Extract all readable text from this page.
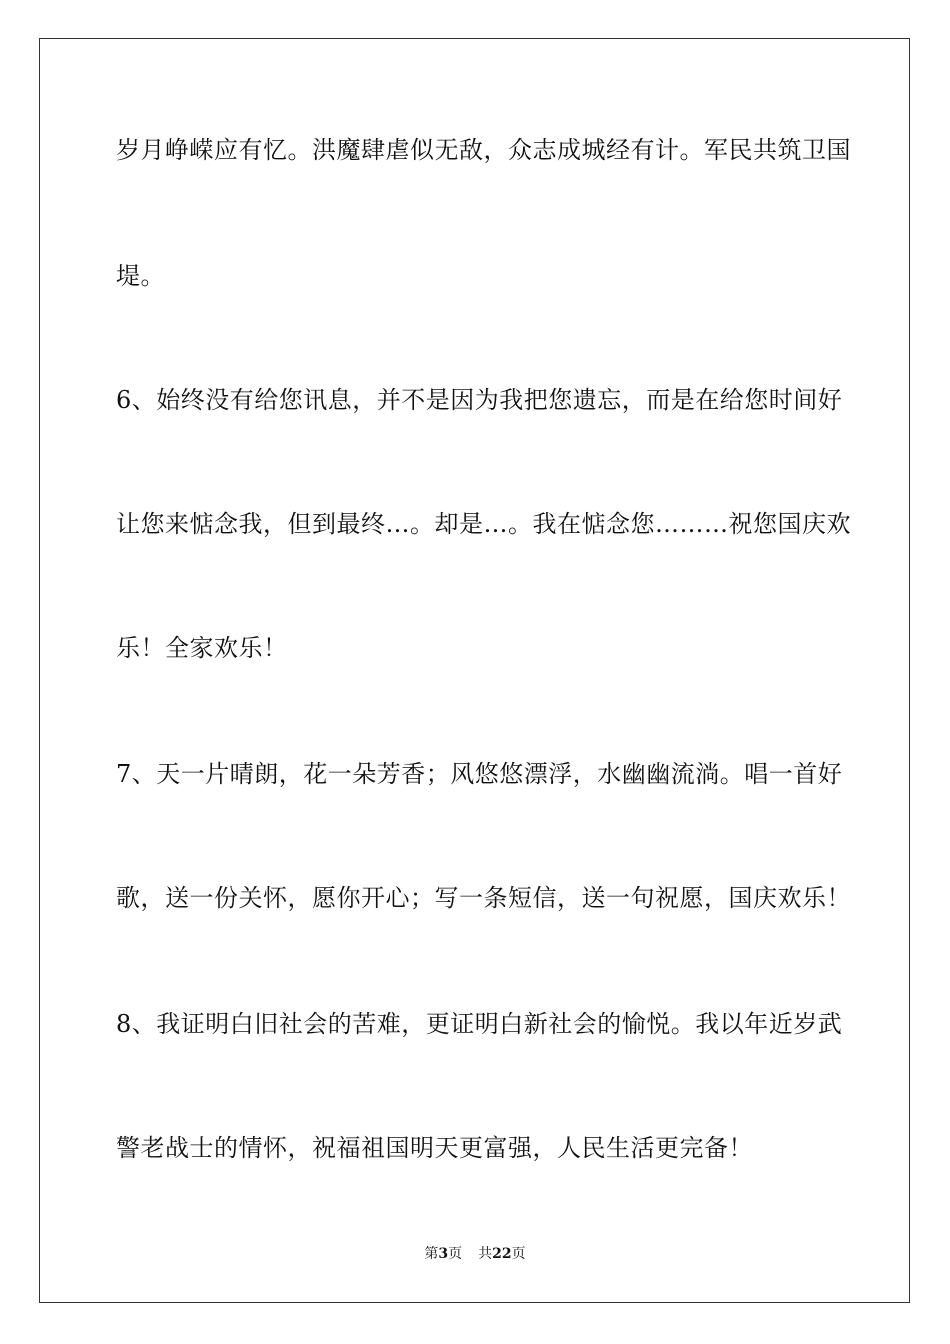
岁月峥嵘应有忆。洪魔肆虐似无敌，众志成城经有计。军民共筑卫国
堤。
6、始终没有给您讯息，并不是因为我把您遗忘，而是在给您时间好
让您来惦念我，但到最终…。却是…。我在惦念您………祝您国庆欢
乐！全家欢乐！
7、天一片晴朗，花一朵芳香；风悠悠漂浮，水幽幽流淌。唱一首好
歌，送一份关怀，愿你开心；写一条短信，送一句祝愿，国庆欢乐！
8、我证明白旧社会的苦难，更证明白新社会的愉悦。我以年近岁武
警老战士的情怀，祝福祖国明天更富强，人民生活更完备！
第3页 共22页
